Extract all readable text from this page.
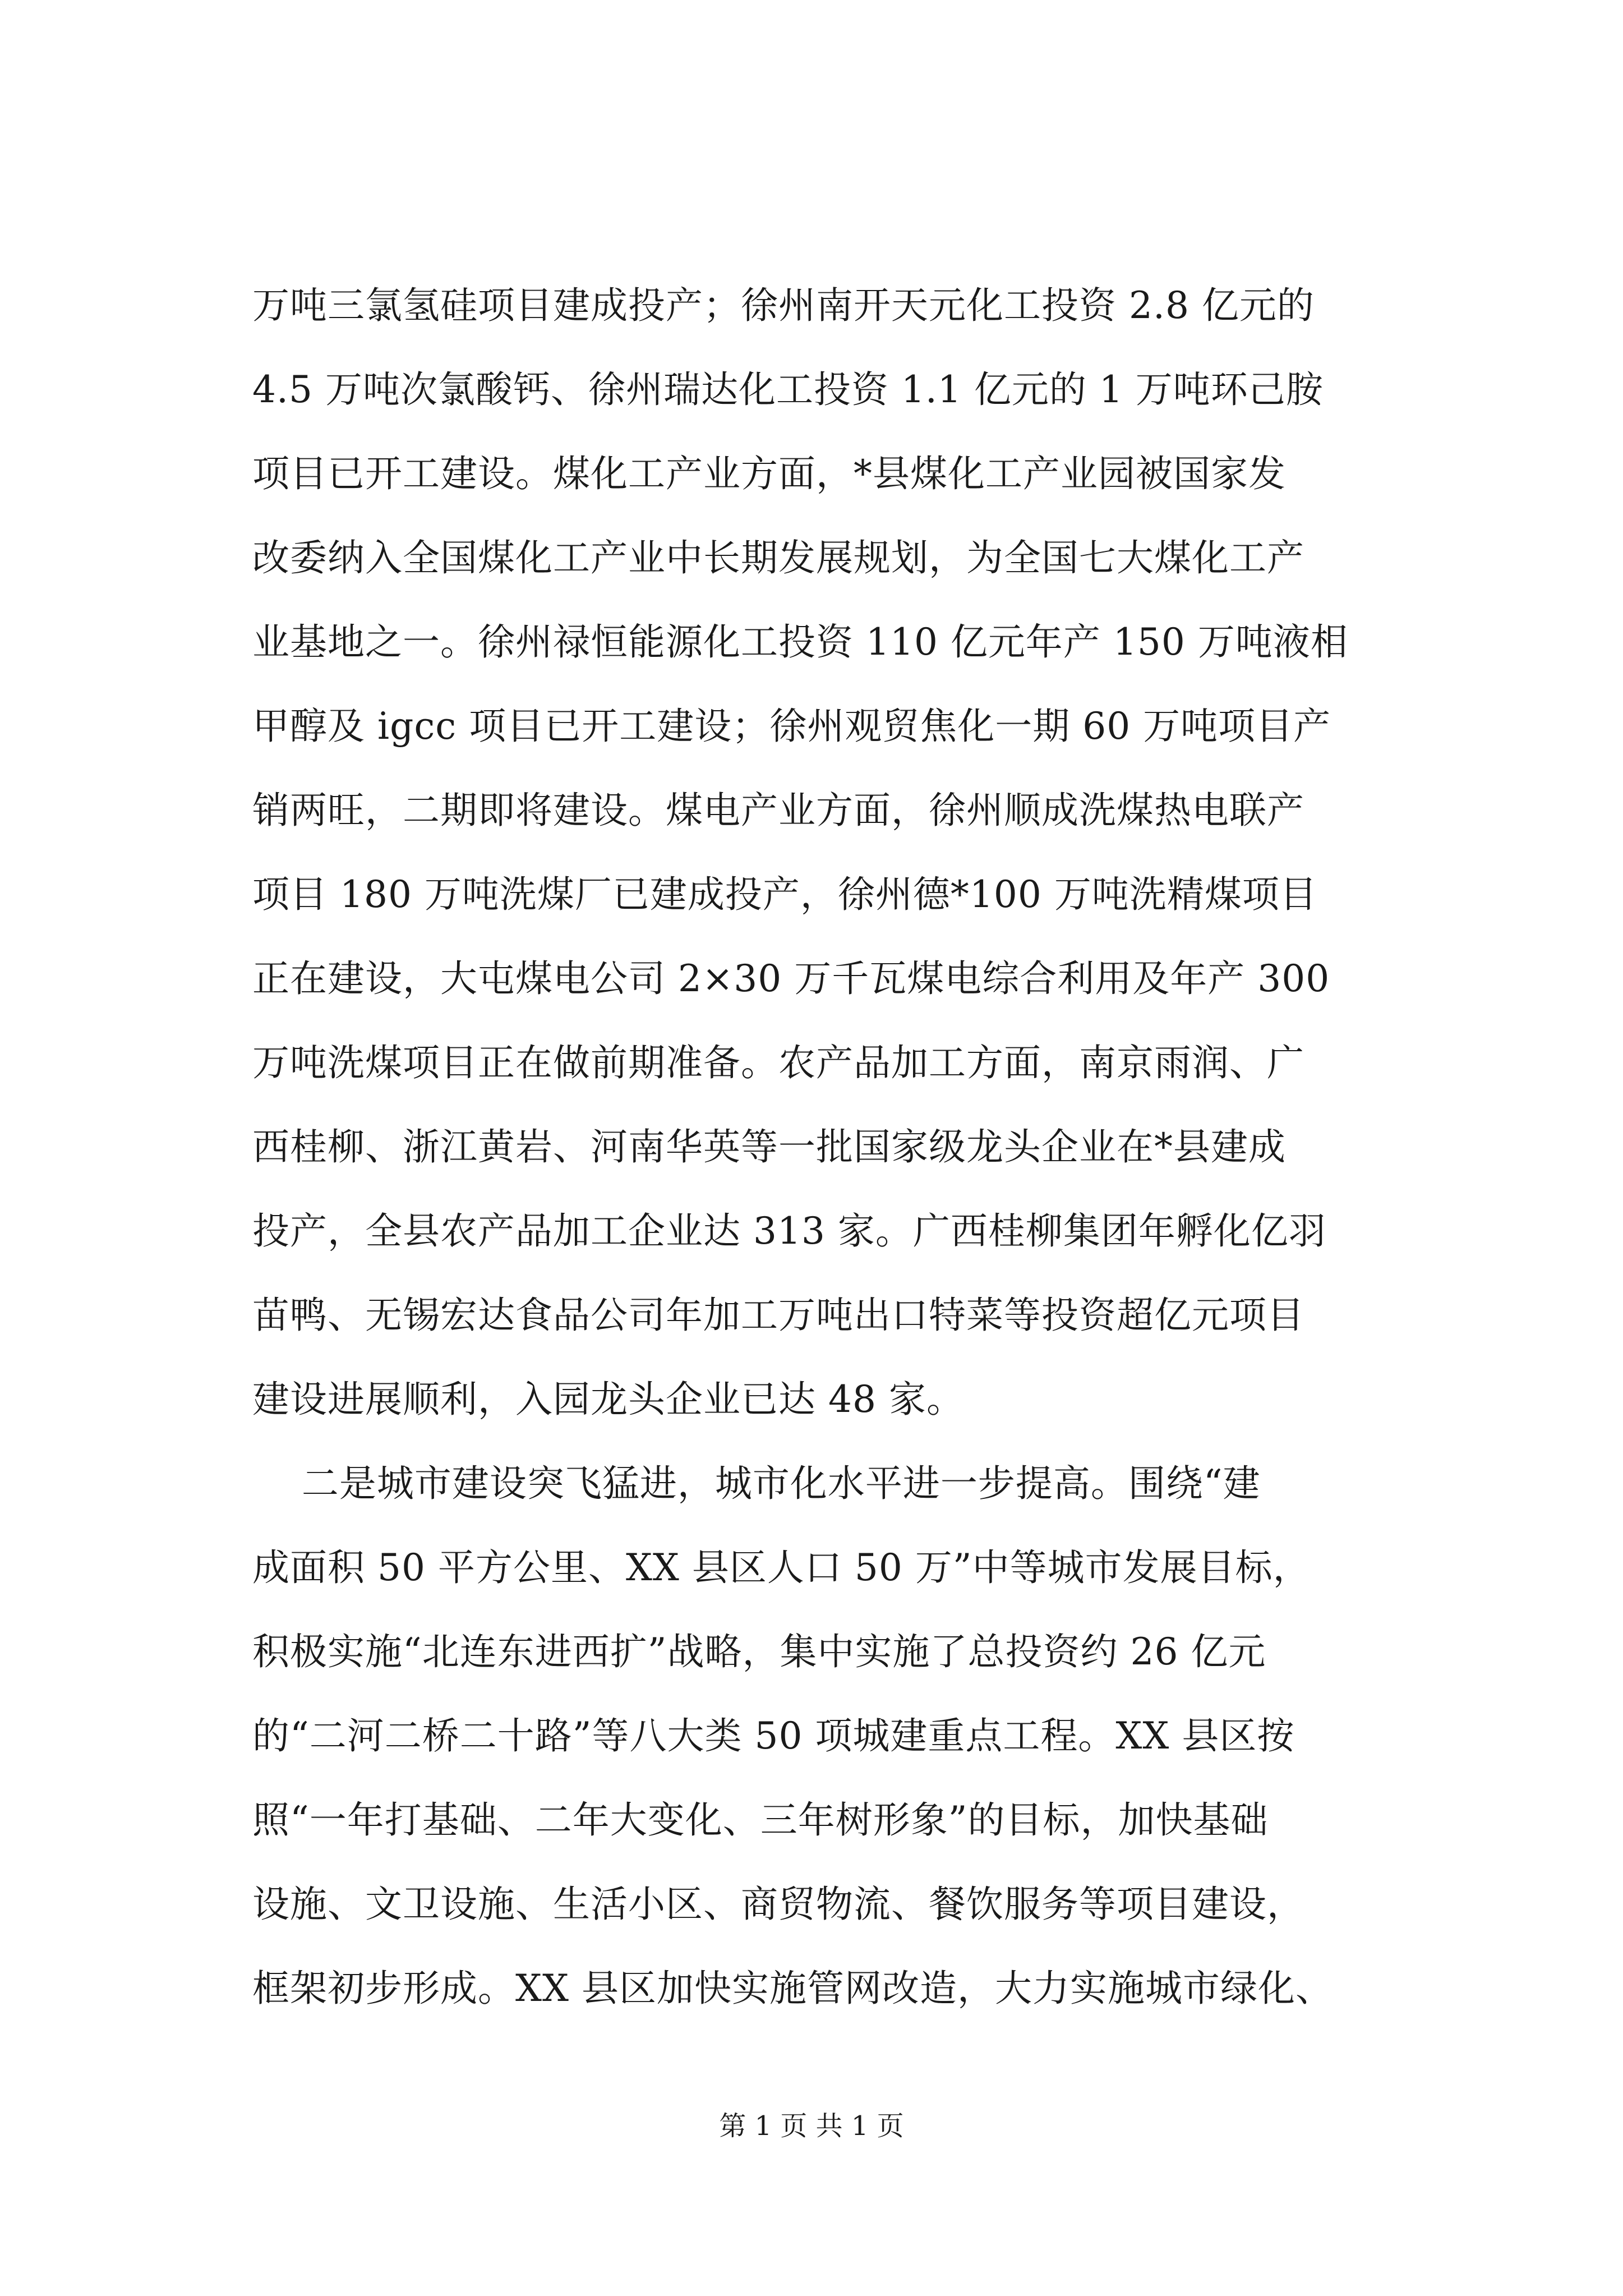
万吨三氯氢硅项目建成投产；徐州南开天元化工投资 2.8 亿元的
4.5 万吨次氯酸钙、徐州瑞达化工投资 1.1 亿元的 1 万吨环己胺
项目已开工建设。煤化工产业方面，*县煤化工产业园被国家发
改委纳入全国煤化工产业中长期发展规划，为全国七大煤化工产
业基地之一。徐州禄恒能源化工投资 110 亿元年产 150 万吨液相
甲醇及 igcc 项目已开工建设；徐州观贸焦化一期 60 万吨项目产
销两旺，二期即将建设。煤电产业方面，徐州顺成洗煤热电联产
项目 180 万吨洗煤厂已建成投产，徐州德*100 万吨洗精煤项目
正在建设，大屯煤电公司 2×30 万千瓦煤电综合利用及年产 300
万吨洗煤项目正在做前期准备。农产品加工方面，南京雨润、广
西桂柳、浙江黄岩、河南华英等一批国家级龙头企业在*县建成
投产，全县农产品加工企业达 313 家。广西桂柳集团年孵化亿羽
苗鸭、无锡宏达食品公司年加工万吨出口特菜等投资超亿元项目
建设进展顺利，入园龙头企业已达 48 家。
二是城市建设突飞猛进，城市化水平进一步提高。围绕“建
成面积 50 平方公里、XX 县区人口 50 万”中等城市发展目标，
积极实施“北连东进西扩”战略，集中实施了总投资约 26 亿元
的“二河二桥二十路”等八大类 50 项城建重点工程。XX 县区按
照“一年打基础、二年大变化、三年树形象”的目标，加快基础
设施、文卫设施、生活小区、商贸物流、餐饮服务等项目建设，
框架初步形成。XX 县区加快实施管网改造，大力实施城市绿化、
第 1 页 共 1 页
